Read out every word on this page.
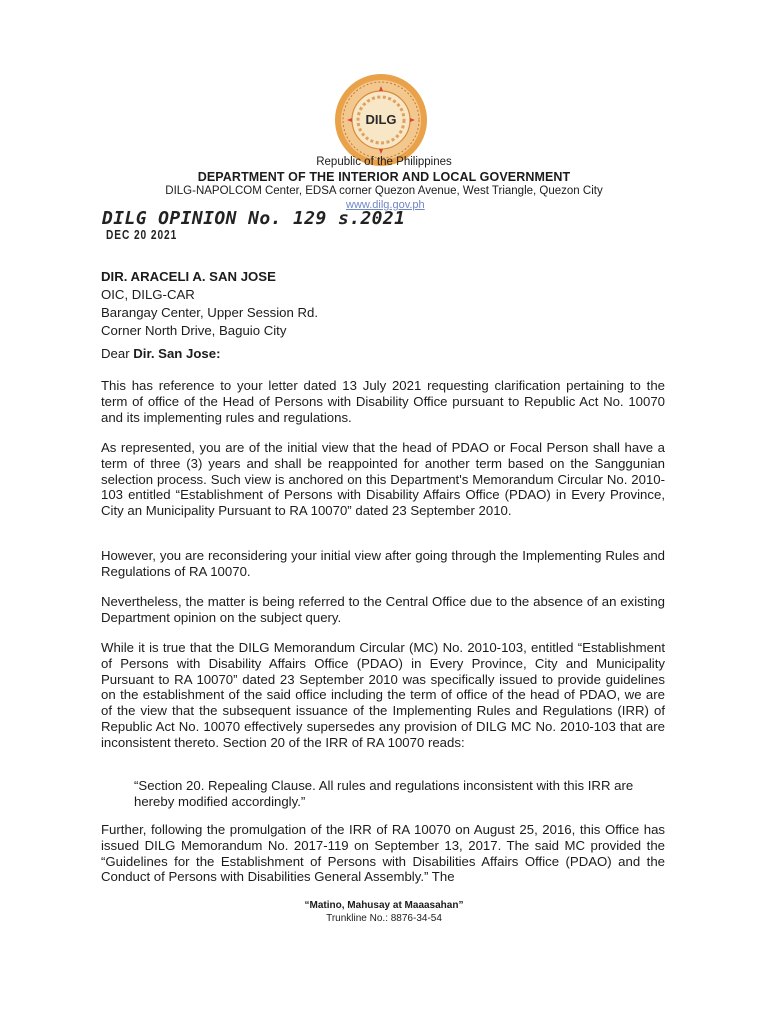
DILG
Republic of the Philippines
DEPARTMENT OF THE INTERIOR AND LOCAL GOVERNMENT
DILG-NAPOLCOM Center, EDSA corner Quezon Avenue, West Triangle, Quezon City
www.dilg.gov.ph
DILG OPINION No. 129 s.2021
DEC 20 2021
DIR. ARACELI A. SAN JOSE
OIC, DILG-CAR
Barangay Center, Upper Session Rd.
Corner North Drive, Baguio City
Dear Dir. San Jose:

This has reference to your letter dated 13 July 2021 requesting clarification pertaining to the term of office of the Head of Persons with Disability Office pursuant to Republic Act No. 10070 and its implementing rules and regulations.

As represented, you are of the initial view that the head of PDAO or Focal Person shall have a term of three (3) years and shall be reappointed for another term based on the Sanggunian selection process. Such view is anchored on this Department's Memorandum Circular No. 2010-103 entitled “Establishment of Persons with Disability Affairs Office (PDAO) in Every Province, City an Municipality Pursuant to RA 10070” dated 23 September 2010.

However, you are reconsidering your initial view after going through the Implementing Rules and Regulations of RA 10070.

Nevertheless, the matter is being referred to the Central Office due to the absence of an existing Department opinion on the subject query.

While it is true that the DILG Memorandum Circular (MC) No. 2010-103, entitled “Establishment of Persons with Disability Affairs Office (PDAO) in Every Province, City and Municipality Pursuant to RA 10070” dated 23 September 2010 was specifically issued to provide guidelines on the establishment of the said office including the term of office of the head of PDAO, we are of the view that the subsequent issuance of the Implementing Rules and Regulations (IRR) of Republic Act No. 10070 effectively supersedes any provision of DILG MC No. 2010-103 that are inconsistent thereto. Section 20 of the IRR of RA 10070 reads:

“Section 20. Repealing Clause. All rules and regulations inconsistent with this IRR are hereby modified accordingly.”

Further, following the promulgation of the IRR of RA 10070 on August 25, 2016, this Office has issued DILG Memorandum No. 2017-119 on September 13, 2017. The said MC provided the “Guidelines for the Establishment of Persons with Disabilities Affairs Office (PDAO) and the Conduct of Persons with Disabilities General Assembly.” The

“Matino, Mahusay at Maaasahan”
Trunkline No.: 8876-34-54
